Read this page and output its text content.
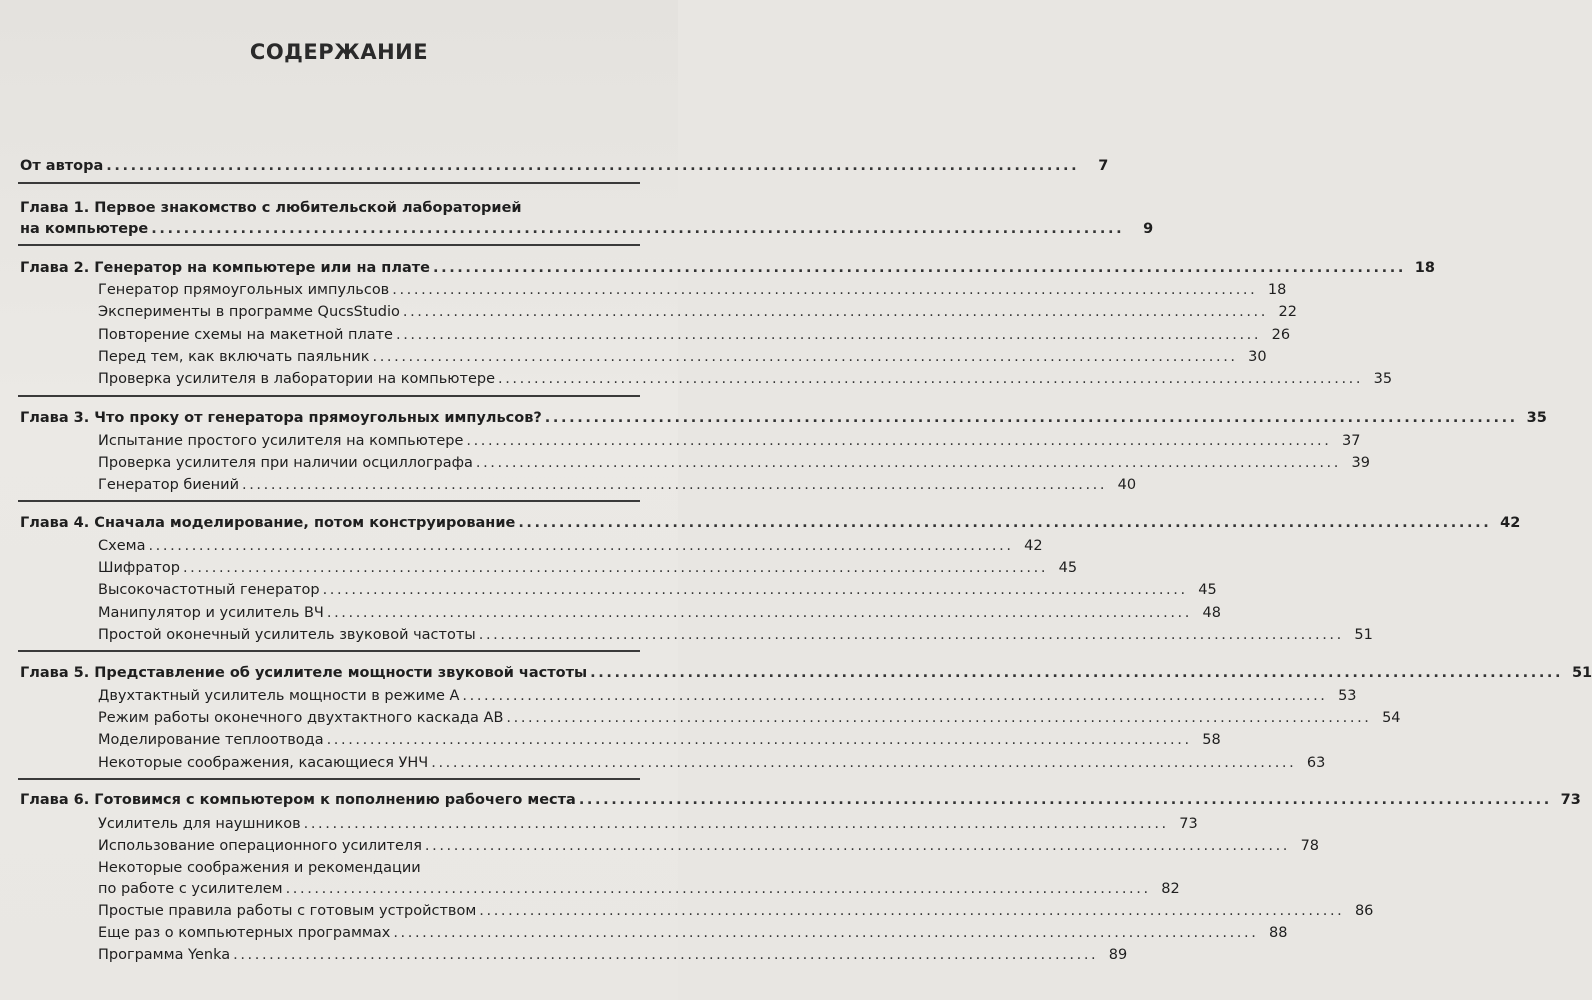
СОДЕРЖАНИЕ
От автора ........................................................................................................................	7
Глава 1. Первое знакомство с любительской лабораторией
на компьютере ........................................................................................................................	9
Глава 2. Генератор на компьютере или на плате ........................................................................................................................ 18
Генератор прямоугольных импульсов ........................................................................................................................ 18
Эксперименты в программе QucsStudio ........................................................................................................................ 22
Повторение схемы на макетной плате ........................................................................................................................ 26
Перед тем, как включать паяльник ........................................................................................................................ 30
Проверка усилителя в лаборатории на компьютере ........................................................................................................................ 35
Глава 3. Что проку от генератора прямоугольных импульсов? ........................................................................................................................ 35
Испытание простого усилителя на компьютере ........................................................................................................................ 37
Проверка усилителя при наличии осциллографа ........................................................................................................................ 39
Генератор биений ........................................................................................................................ 40
Глава 4. Сначала моделирование, потом конструирование ........................................................................................................................ 42
Схема ........................................................................................................................ 42
Шифратор ........................................................................................................................ 45
Высокочастотный генератор ........................................................................................................................ 45
Манипулятор и усилитель ВЧ ........................................................................................................................ 48
Простой оконечный усилитель звуковой частоты ........................................................................................................................ 51
Глава 5. Представление об усилителе мощности звуковой частоты ........................................................................................................................ 51
Двухтактный усилитель мощности в режиме А ........................................................................................................................ 53
Режим работы оконечного двухтактного каскада АВ ........................................................................................................................ 54
Моделирование теплоотвода ........................................................................................................................ 58
Некоторые соображения, касающиеся УНЧ ........................................................................................................................ 63
Глава 6. Готовимся с компьютером к пополнению рабочего места ........................................................................................................................ 73
Усилитель для наушников ........................................................................................................................ 73
Использование операционного усилителя ........................................................................................................................ 78
Некоторые соображения и рекомендации
по работе с усилителем ........................................................................................................................ 82
Простые правила работы с готовым устройством ........................................................................................................................ 86
Еще раз о компьютерных программах ........................................................................................................................ 88
Программа Yenka ........................................................................................................................ 89
